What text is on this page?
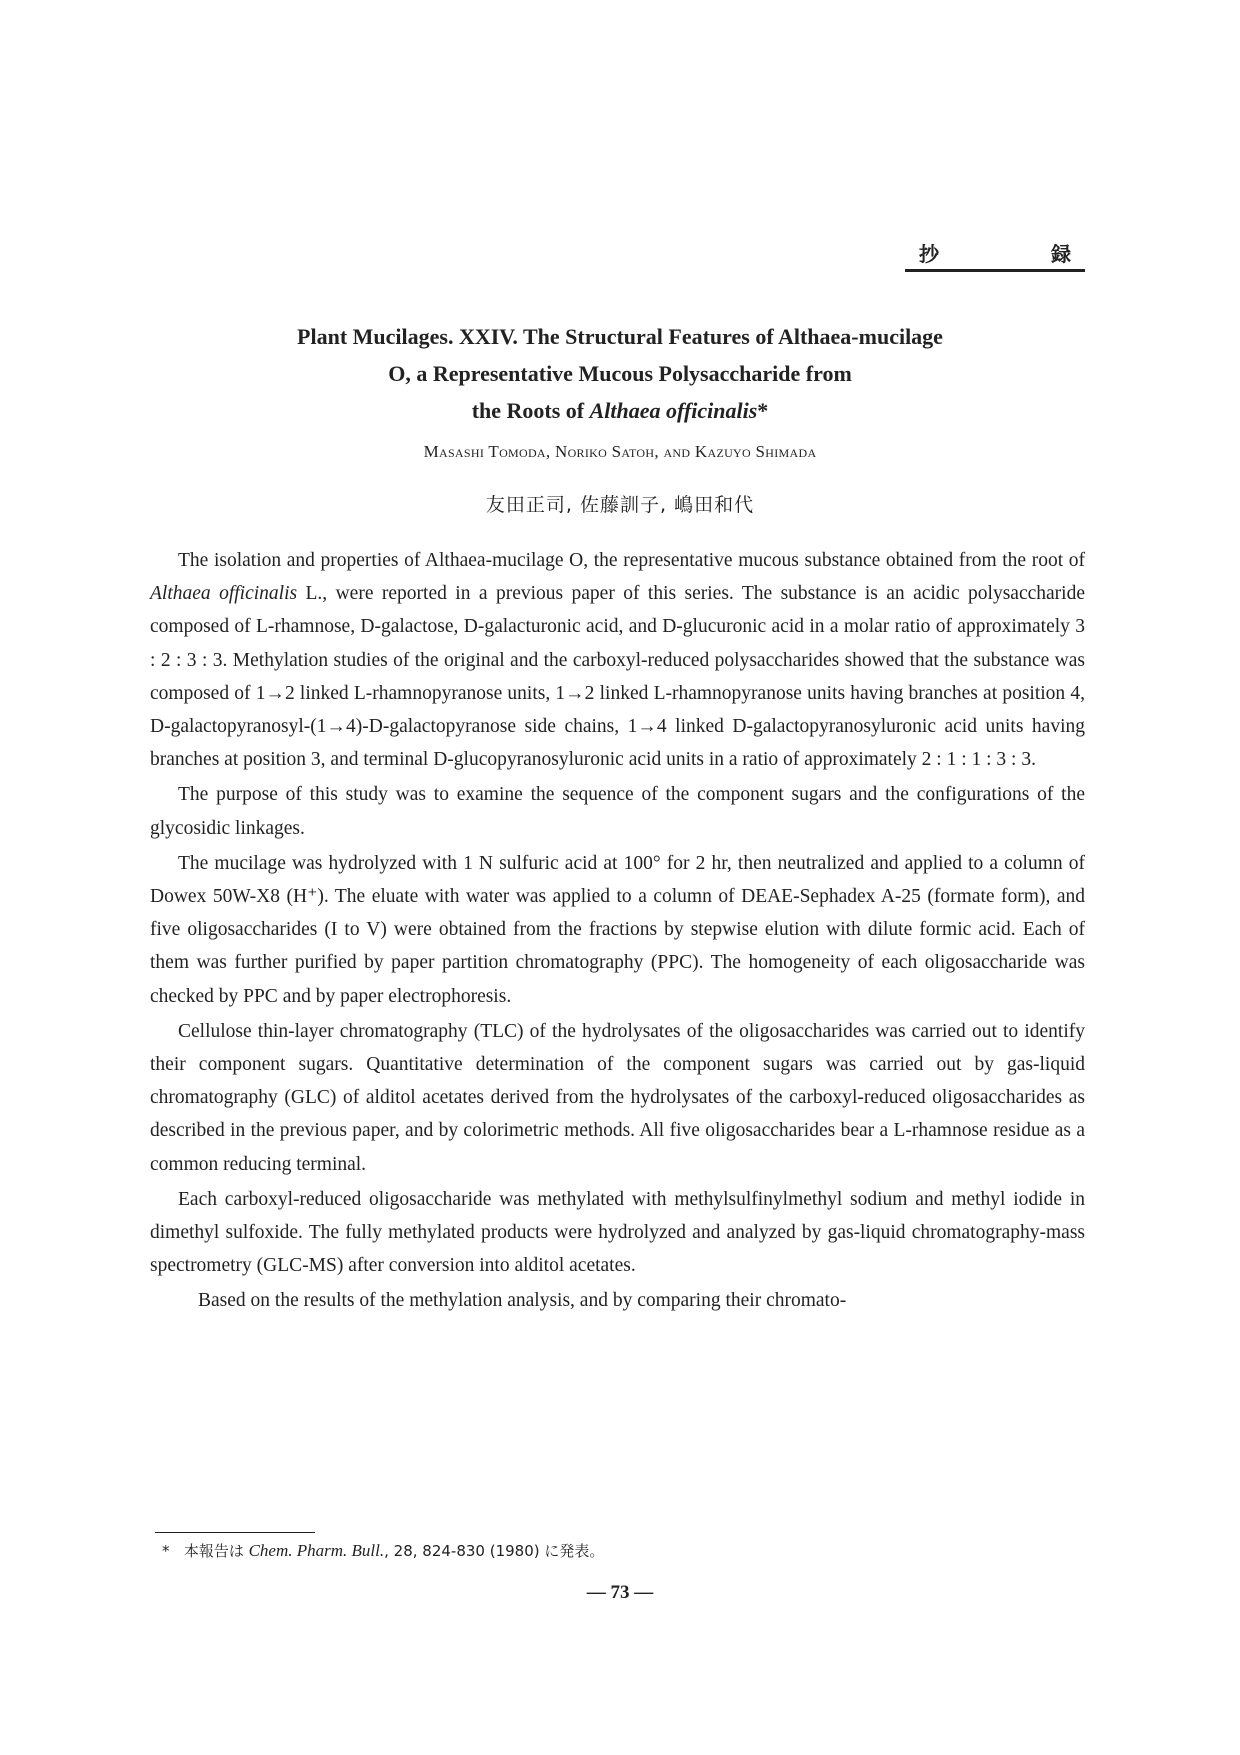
抄	録
Plant Mucilages. XXIV. The Structural Features of Althaea-mucilage
O, a Representative Mucous Polysaccharide from
the Roots of Althaea officinalis*
Masashi Tomoda, Noriko Satoh, and Kazuyo Shimada
友田正司, 佐藤訓子, 嶋田和代

The isolation and properties of Althaea-mucilage O, the representative mucous substance obtained from the root of Althaea officinalis L., were reported in a previous paper of this series. The substance is an acidic polysaccharide composed of L-rhamnose, D-galactose, D-galacturonic acid, and D-glucuronic acid in a molar ratio of approximately 3 : 2 : 3 : 3. Methylation studies of the original and the carboxyl-reduced polysaccharides showed that the substance was composed of 1→2 linked L-rhamnopyranose units, 1→2 linked L-rhamnopyranose units having branches at position 4, D-galactopyranosyl-(1→4)-D-galactopyranose side chains, 1→4 linked D-galactopyranosyluronic acid units having branches at position 3, and terminal D-glucopyranosyluronic acid units in a ratio of approximately 2 : 1 : 1 : 3 : 3.

The purpose of this study was to examine the sequence of the component sugars and the configurations of the glycosidic linkages.

The mucilage was hydrolyzed with 1 N sulfuric acid at 100° for 2 hr, then neutralized and applied to a column of Dowex 50W-X8 (H⁺). The eluate with water was applied to a column of DEAE-Sephadex A-25 (formate form), and five oligosaccharides (I to V) were obtained from the fractions by stepwise elution with dilute formic acid. Each of them was further purified by paper partition chromatography (PPC). The homogeneity of each oligosaccharide was checked by PPC and by paper electrophoresis.

Cellulose thin-layer chromatography (TLC) of the hydrolysates of the oligosaccharides was carried out to identify their component sugars. Quantitative determination of the component sugars was carried out by gas-liquid chromatography (GLC) of alditol acetates derived from the hydrolysates of the carboxyl-reduced oligosaccharides as described in the previous paper, and by colorimetric methods. All five oligosaccharides bear a L-rhamnose residue as a common reducing terminal.

Each carboxyl-reduced oligosaccharide was methylated with methylsulfinylmethyl sodium and methyl iodide in dimethyl sulfoxide. The fully methylated products were hydrolyzed and analyzed by gas-liquid chromatography-mass spectrometry (GLC-MS) after conversion into alditol acetates.

Based on the results of the methylation analysis, and by comparing their chromato-

* 本報告は Chem. Pharm. Bull., 28, 824-830 (1980) に発表。
— 73 —
